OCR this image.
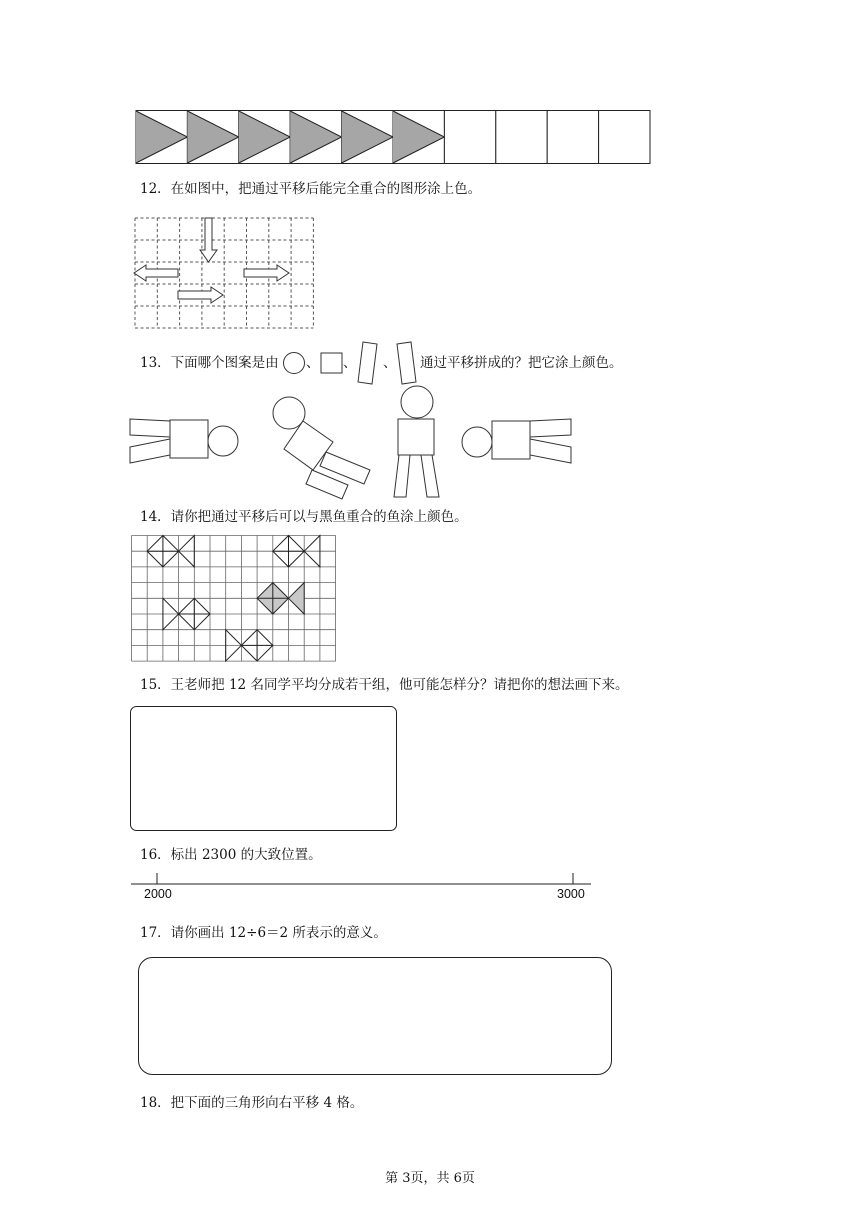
12．在如图中，把通过平移后能完全重合的图形涂上色。
13．下面哪个图案是由 、 、 、 通过平移拼成的？把它涂上颜色。
14．请你把通过平移后可以与黑鱼重合的鱼涂上颜色。
15．王老师把 12 名同学平均分成若干组，他可能怎样分？请把你的想法画下来。
16．标出 2300 的大致位置。
2000	3000
17．请你画出 12÷6＝2 所表示的意义。
18．把下面的三角形向右平移 4 格。
第 3页，共 6页
